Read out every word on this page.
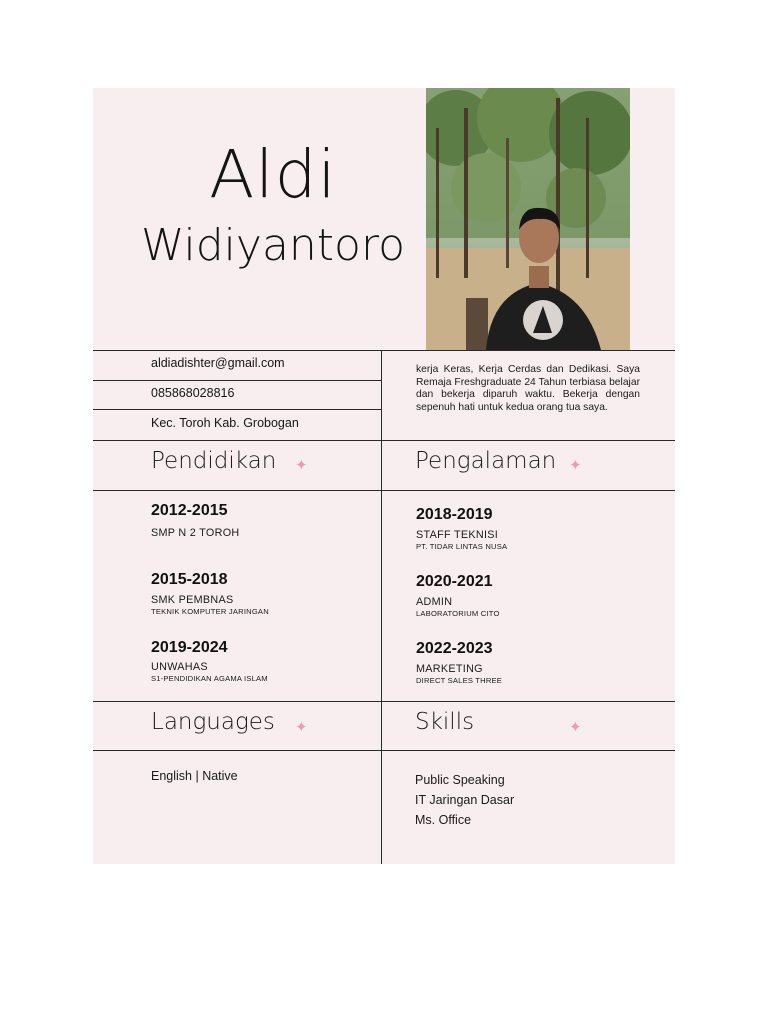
Aldi
Widiyantoro
aldiadishter@gmail.com
085868028816
Kec. Toroh Kab. Grobogan
kerja Keras, Kerja Cerdas dan Dedikasi. Saya Remaja Freshgraduate 24 Tahun terbiasa belajar dan bekerja diparuh waktu. Bekerja dengan sepenuh hati untuk kedua orang tua saya.
Pendidikan ✦	Pengalaman ✦
2012-2015
SMP N 2 TOROH
2015-2018
SMK PEMBNAS
TEKNIK KOMPUTER JARINGAN
2019-2024
UNWAHAS
S1-PENDIDIKAN AGAMA ISLAM
2018-2019
STAFF TEKNISI
PT. TIDAR LINTAS NUSA
2020-2021
ADMIN
LABORATORIUM CITO
2022-2023
MARKETING
DIRECT SALES THREE
Languages ✦	Skills	✦
English | Native	Public Speaking
IT Jaringan Dasar
Ms. Office
